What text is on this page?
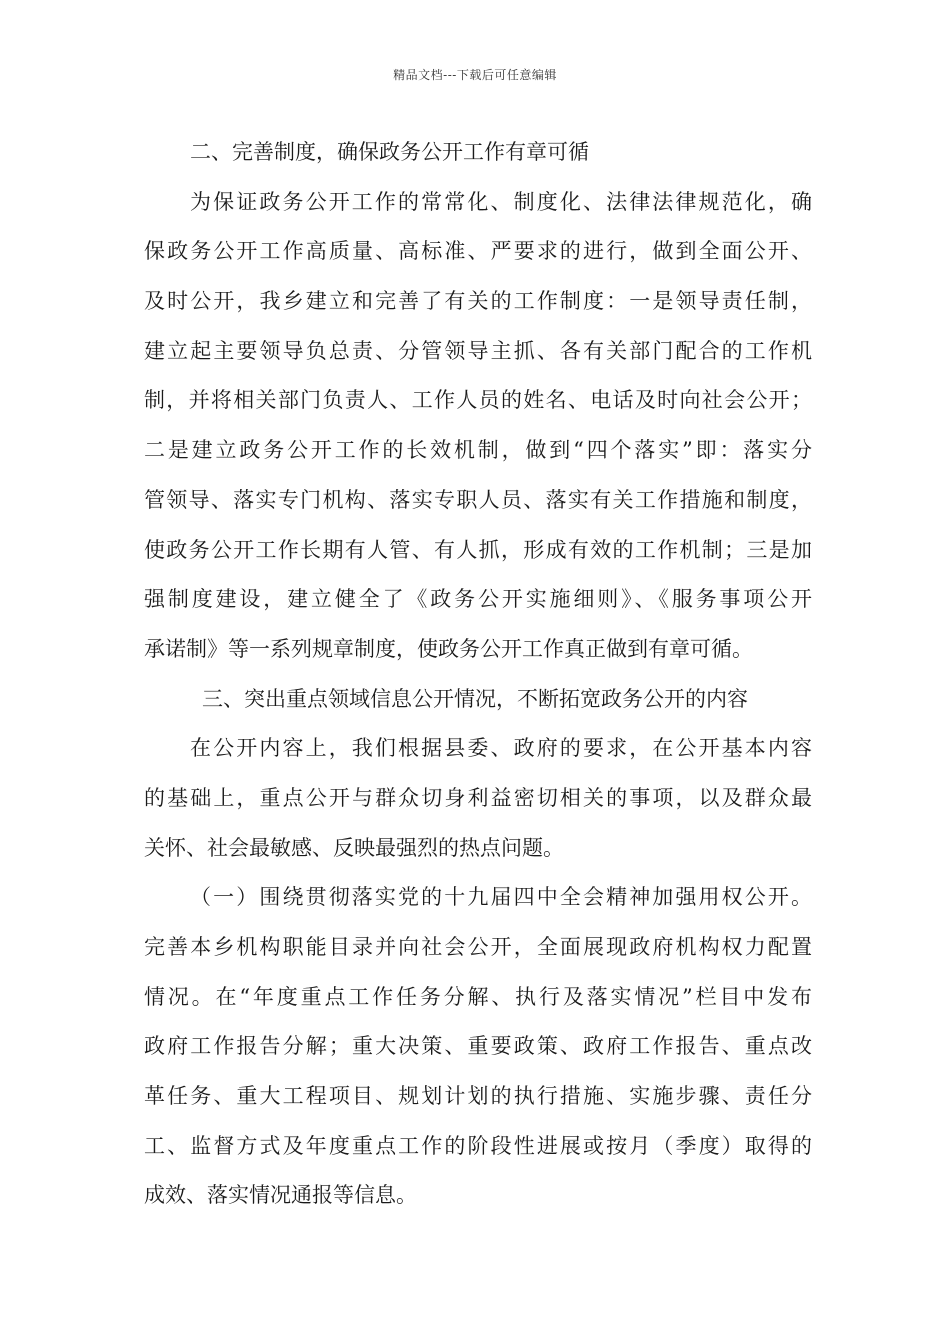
精品文档---下载后可任意编辑
二、完善制度，确保政务公开工作有章可循
为保证政务公开工作的常常化、制度化、法律法律规范化，确
保政务公开工作高质量、高标准、严要求的进行，做到全面公开、
及时公开，我乡建立和完善了有关的工作制度：一是领导责任制，
建立起主要领导负总责、分管领导主抓、各有关部门配合的工作机
制，并将相关部门负责人、工作人员的姓名、电话及时向社会公开；
二是建立政务公开工作的长效机制，做到“四个落实”即：落实分
管领导、落实专门机构、落实专职人员、落实有关工作措施和制度，
使政务公开工作长期有人管、有人抓，形成有效的工作机制；三是加
强制度建设，建立健全了《政务公开实施细则》、《服务事项公开
承诺制》等一系列规章制度，使政务公开工作真正做到有章可循。
三、突出重点领域信息公开情况，不断拓宽政务公开的内容
在公开内容上，我们根据县委、政府的要求，在公开基本内容
的基础上，重点公开与群众切身利益密切相关的事项，以及群众最
关怀、社会最敏感、反映最强烈的热点问题。
（一）围绕贯彻落实党的十九届四中全会精神加强用权公开。
完善本乡机构职能目录并向社会公开，全面展现政府机构权力配置
情况。在“年度重点工作任务分解、执行及落实情况”栏目中发布
政府工作报告分解；重大决策、重要政策、政府工作报告、重点改
革任务、重大工程项目、规划计划的执行措施、实施步骤、责任分
工、监督方式及年度重点工作的阶段性进展或按月（季度）取得的
成效、落实情况通报等信息。
